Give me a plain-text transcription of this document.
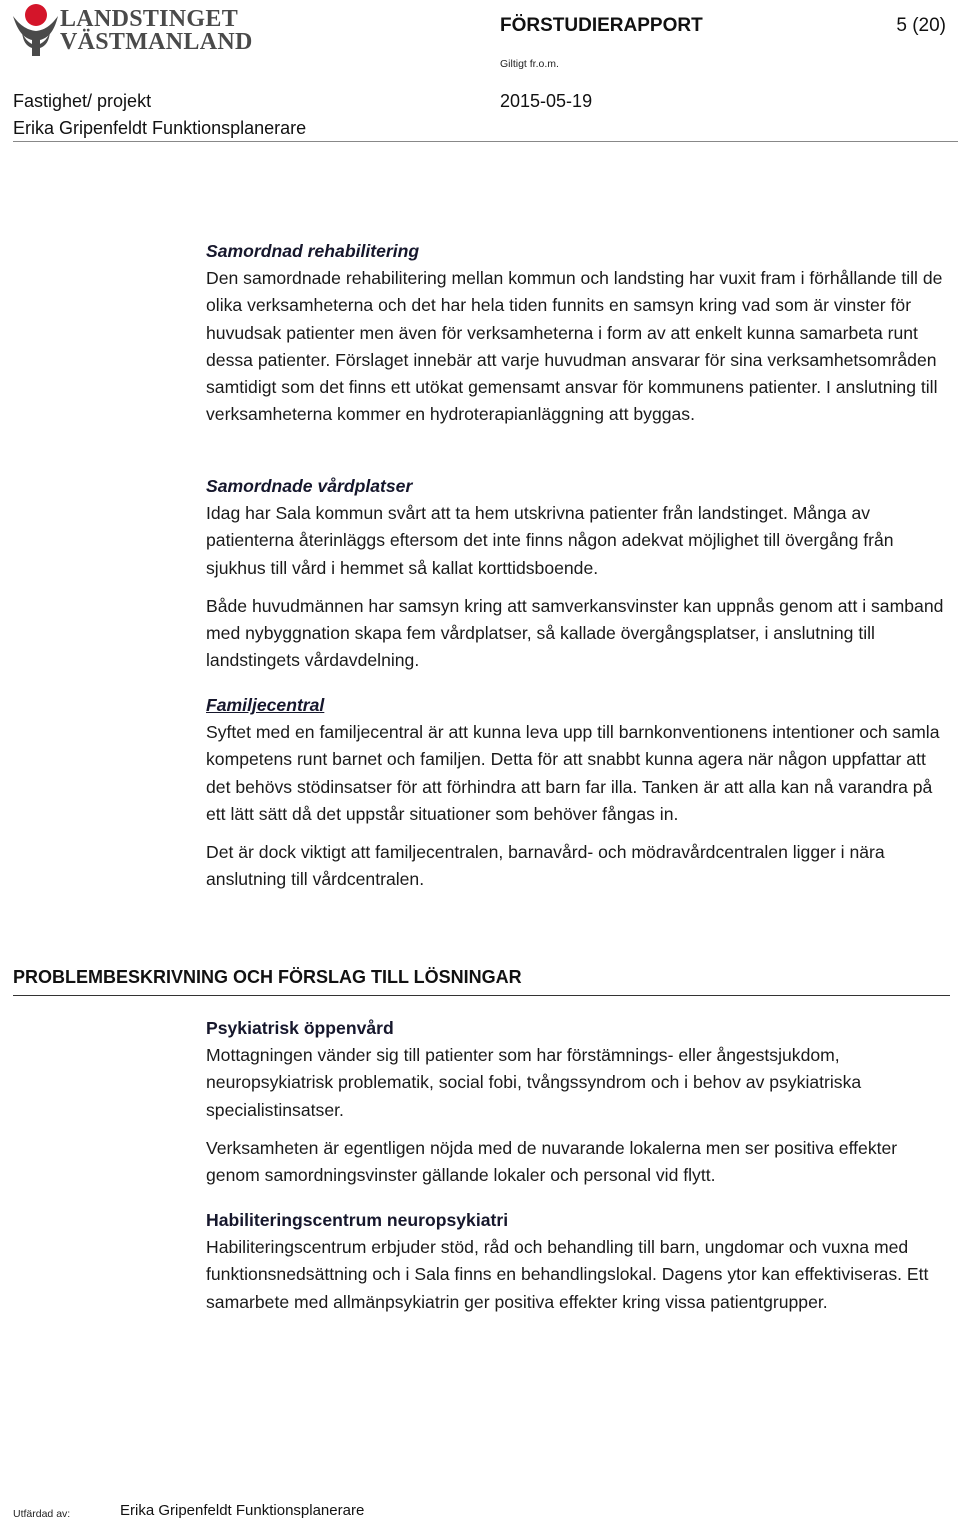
LANDSTINGET
VÄSTMANLAND
FÖRSTUDIERAPPORT	5 (20)
Giltigt fr.o.m.
Fastighet/ projekt	2015-05-19
Erika Gripenfeldt Funktionsplanerare

Samordnad rehabilitering

Den samordnade rehabilitering mellan kommun och landsting har vuxit fram i förhållande till de olika verksamheterna och det har hela tiden funnits en samsyn kring vad som är vinster för huvudsak patienter men även för verksamheterna i form av att enkelt kunna samarbeta runt dessa patienter. Förslaget innebär att varje huvudman ansvarar för sina verksamhetsområden samtidigt som det finns ett utökat gemensamt ansvar för kommunens patienter. I anslutning till verksamheterna kommer en hydroterapianläggning att byggas.

Samordnade vårdplatser

Idag har Sala kommun svårt att ta hem utskrivna patienter från landstinget. Många av patienterna återinläggs eftersom det inte finns någon adekvat möjlighet till övergång från sjukhus till vård i hemmet så kallat korttidsboende.

Både huvudmännen har samsyn kring att samverkansvinster kan uppnås genom att i samband med nybyggnation skapa fem vårdplatser, så kallade övergångsplatser, i anslutning till landstingets vårdavdelning.

Familjecentral

Syftet med en familjecentral är att kunna leva upp till barnkonventionens intentioner och samla kompetens runt barnet och familjen. Detta för att snabbt kunna agera när någon uppfattar att det behövs stödinsatser för att förhindra att barn far illa. Tanken är att alla kan nå varandra på ett lätt sätt då det uppstår situationer som behöver fångas in.

Det är dock viktigt att familjecentralen, barnavård- och mödravårdcentralen ligger i nära anslutning till vårdcentralen.

PROBLEMBESKRIVNING OCH FÖRSLAG TILL LÖSNINGAR

Psykiatrisk öppenvård

Mottagningen vänder sig till patienter som har förstämnings- eller ångestsjukdom, neuropsykiatrisk problematik, social fobi, tvångssyndrom och i behov av psykiatriska specialistinsatser.

Verksamheten är egentligen nöjda med de nuvarande lokalerna men ser positiva effekter genom samordningsvinster gällande lokaler och personal vid flytt.

Habiliteringscentrum neuropsykiatri

Habiliteringscentrum erbjuder stöd, råd och behandling till barn, ungdomar och vuxna med funktionsnedsättning och i Sala finns en behandlingslokal. Dagens ytor kan effektiviseras. Ett samarbete med allmänpsykiatrin ger positiva effekter kring vissa patientgrupper.

Utfärdad av:	Erika Gripenfeldt Funktionsplanerare
